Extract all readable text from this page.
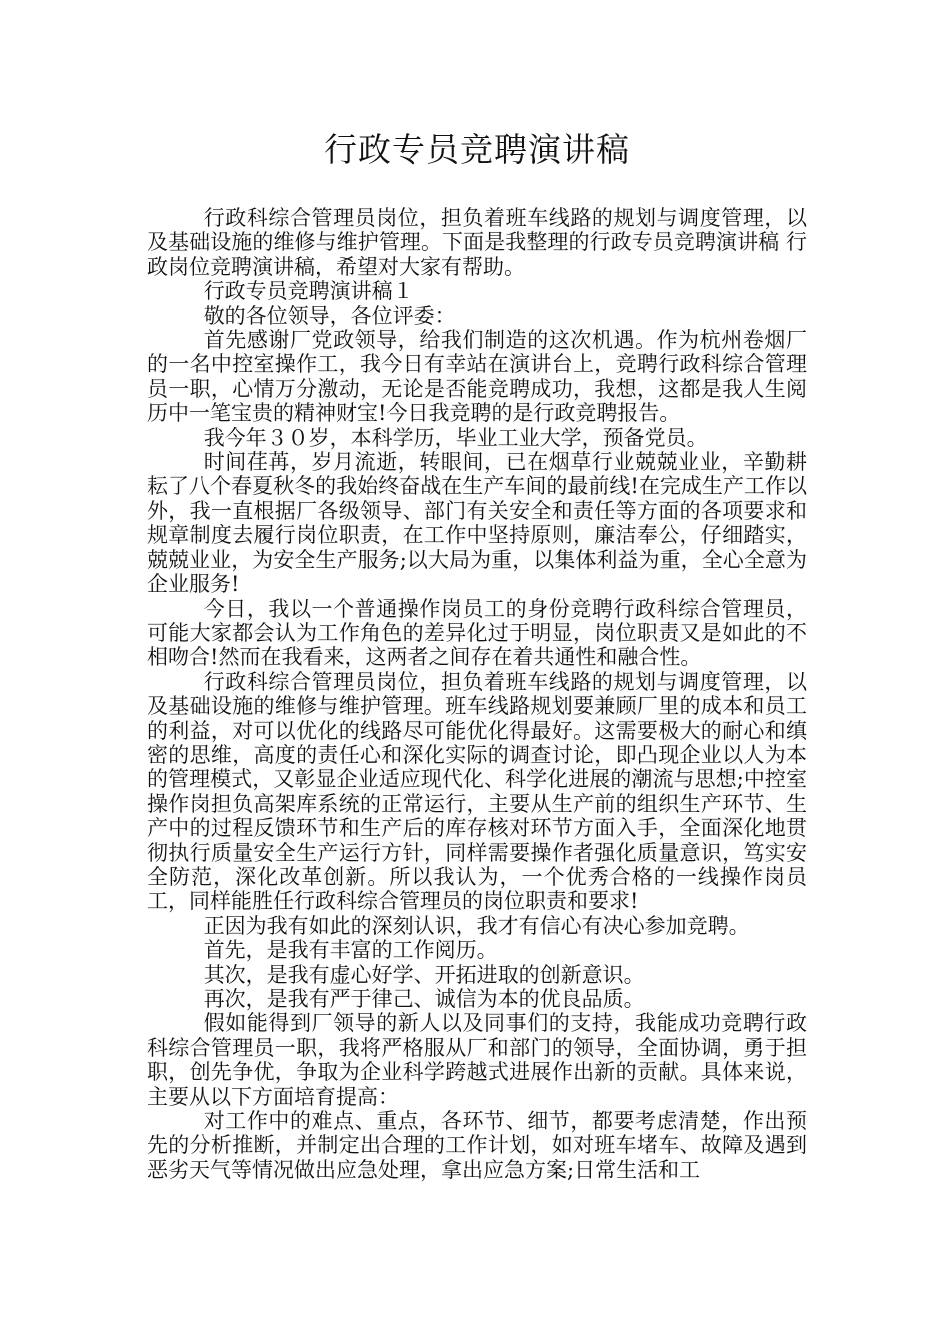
行政专员竞聘演讲稿

行政科综合管理员岗位，担负着班车线路的规划与调度管理，以及基础设施的维修与维护管理。下面是我整理的行政专员竞聘演讲稿 行政岗位竞聘演讲稿，希望对大家有帮助。

行政专员竞聘演讲稿１

敬的各位领导，各位评委：

首先感谢厂党政领导，给我们制造的这次机遇。作为杭州卷烟厂的一名中控室操作工，我今日有幸站在演讲台上，竞聘行政科综合管理员一职，心情万分激动，无论是否能竞聘成功，我想，这都是我人生阅历中一笔宝贵的精神财宝!今日我竞聘的是行政竞聘报告。

我今年３０岁，本科学历，毕业工业大学，预备党员。

时间荏苒，岁月流逝，转眼间，已在烟草行业兢兢业业，辛勤耕耘了八个春夏秋冬的我始终奋战在生产车间的最前线!在完成生产工作以外，我一直根据厂各级领导、部门有关安全和责任等方面的各项要求和规章制度去履行岗位职责，在工作中坚持原则，廉洁奉公，仔细踏实，兢兢业业，为安全生产服务;以大局为重，以集体利益为重，全心全意为企业服务!

今日，我以一个普通操作岗员工的身份竞聘行政科综合管理员，可能大家都会认为工作角色的差异化过于明显，岗位职责又是如此的不相吻合!然而在我看来，这两者之间存在着共通性和融合性。

行政科综合管理员岗位，担负着班车线路的规划与调度管理，以及基础设施的维修与维护管理。班车线路规划要兼顾厂里的成本和员工的利益，对可以优化的线路尽可能优化得最好。这需要极大的耐心和缜密的思维，高度的责任心和深化实际的调查讨论，即凸现企业以人为本的管理模式，又彰显企业适应现代化、科学化进展的潮流与思想;中控室操作岗担负高架库系统的正常运行，主要从生产前的组织生产环节、生产中的过程反馈环节和生产后的库存核对环节方面入手，全面深化地贯彻执行质量安全生产运行方针，同样需要操作者强化质量意识，笃实安全防范，深化改革创新。所以我认为，一个优秀合格的一线操作岗员工，同样能胜任行政科综合管理员的岗位职责和要求!

正因为我有如此的深刻认识，我才有信心有决心参加竞聘。

首先，是我有丰富的工作阅历。

其次，是我有虚心好学、开拓进取的创新意识。

再次，是我有严于律己、诚信为本的优良品质。

假如能得到厂领导的新人以及同事们的支持，我能成功竞聘行政科综合管理员一职，我将严格服从厂和部门的领导，全面协调，勇于担职，创先争优，争取为企业科学跨越式进展作出新的贡献。具体来说，主要从以下方面培育提高：

对工作中的难点、重点，各环节、细节，都要考虑清楚，作出预先的分析推断，并制定出合理的工作计划，如对班车堵车、故障及遇到恶劣天气等情况做出应急处理，拿出应急方案;日常生活和工
